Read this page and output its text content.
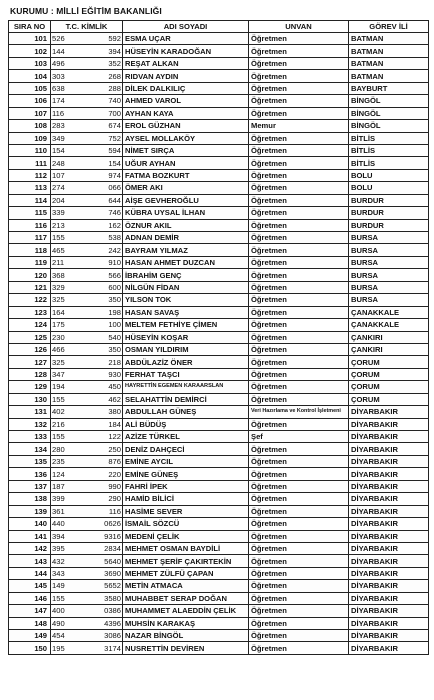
KURUMU : MİLLİ EĞİTİM BAKANLIĞI
SIRA NO	T.C. KİMLİK	ADI SOYADI	UNVAN	GÖREV İLİ
101	526 592	ESMA UÇAR	Öğretmen	BATMAN
102	144 394	HÜSEYİN KARADOĞAN	Öğretmen	BATMAN
103	496 352	REŞAT ALKAN	Öğretmen	BATMAN
104	303 268	RIDVAN AYDIN	Öğretmen	BATMAN
105	638 288	DİLEK DALKILIÇ	Öğretmen	BAYBURT
106	174 740	AHMED VAROL	Öğretmen	BİNGÖL
107	116 700	AYHAN KAYA	Öğretmen	BİNGÖL
108	283 674	EROL GÜZHAN	Memur	BİNGÖL
109	349 752	AYSEL MOLLAKÖY	Öğretmen	BİTLİS
110	154 594	NİMET SIRÇA	Öğretmen	BİTLİS
111	248 154	UĞUR AYHAN	Öğretmen	BİTLİS
112	107 974	FATMA BOZKURT	Öğretmen	BOLU
113	274 066	ÖMER AKI	Öğretmen	BOLU
114	204 644	AİŞE GEVHEROĞLU	Öğretmen	BURDUR
115	339 746	KÜBRA UYSAL İLHAN	Öğretmen	BURDUR
116	213 162	ÖZNUR AKIL	Öğretmen	BURDUR
117	155 538	ADNAN DEMİR	Öğretmen	BURSA
118	465 242	BAYRAM YILMAZ	Öğretmen	BURSA
119	211 910	HASAN AHMET DUZCAN	Öğretmen	BURSA
120	368 566	İBRAHİM GENÇ	Öğretmen	BURSA
121	329 600	NİLGÜN FİDAN	Öğretmen	BURSA
122	325 350	YILSON TOK	Öğretmen	BURSA
123	164 198	HASAN SAVAŞ	Öğretmen	ÇANAKKALE
124	175 100	MELTEM FETHİYE ÇİMEN	Öğretmen	ÇANAKKALE
125	230 540	HÜSEYİN KOŞAR	Öğretmen	ÇANKIRI
126	466 350	OSMAN YILDIRIM	Öğretmen	ÇANKIRI
127	325 218	ABDÜLAZİZ ÖNER	Öğretmen	ÇORUM
128	347 930	FERHAT TAŞCI	Öğretmen	ÇORUM
129	194 450	HAYRETTİN EGEMEN KARAARSLAN	Öğretmen	ÇORUM
130	155 462	SELAHATTİN DEMİRCİ	Öğretmen	ÇORUM
131	402 380	ABDULLAH GÜNEŞ	Veri Hazırlama ve Kontrol İşletmeni	DİYARBAKIR
132	216 184	ALİ BÜDÜŞ	Öğretmen	DİYARBAKIR
133	155 122	AZİZE TÜRKEL	Şef	DİYARBAKIR
134	280 250	DENİZ DAHÇECİ	Öğretmen	DİYARBAKIR
135	235 876	EMİNE AYCIL	Öğretmen	DİYARBAKIR
136	124 220	EMİNE GÜNEŞ	Öğretmen	DİYARBAKIR
137	187 990	FAHRİ İPEK	Öğretmen	DİYARBAKIR
138	399 290	HAMİD BİLİCİ	Öğretmen	DİYARBAKIR
139	361 116	HASİME SEVER	Öğretmen	DİYARBAKIR
140	440 0626	İSMAİL SÖZCÜ	Öğretmen	DİYARBAKIR
141	394 9316	MEDENİ ÇELİK	Öğretmen	DİYARBAKIR
142	395 2834	MEHMET OSMAN BAYDİLİ	Öğretmen	DİYARBAKIR
143	432 5640	MEHMET ŞERİF ÇAKIRTEKİN	Öğretmen	DİYARBAKIR
144	343 3690	MEHMET ZÜLFÜ ÇAPAN	Öğretmen	DİYARBAKIR
145	149 5652	METİN ATMACA	Öğretmen	DİYARBAKIR
146	155 3580	MUHABBET SERAP DOĞAN	Öğretmen	DİYARBAKIR
147	400 0386	MUHAMMET ALAEDDİN ÇELİK	Öğretmen	DİYARBAKIR
148	490 4396	MUHSİN KARAKAŞ	Öğretmen	DİYARBAKIR
149	454 3086	NAZAR BİNGÖL	Öğretmen	DİYARBAKIR
150	195 3174	NUSRETTİN DEVİREN	Öğretmen	DİYARBAKIR
